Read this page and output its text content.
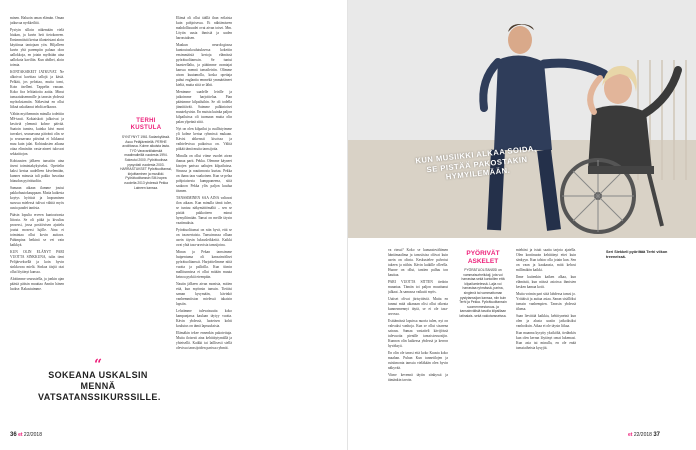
minen. Haluoin oman elämän. Oman jatkuvaa nyrkkeiltiä.

Pystyin silloin näkemään vielä hiukan, ja kuvin heit tietokoneen. Ensimmäistä kertaa tilanteistani aloin käytiinaa tantojaan yön. Hiljalleen kuvin yhä parempiin paluun olon aallokkoja, en jotain myöhään aina aallokota kaviliin. Kun ahdhei, aloin toimia.

KONTAKSIKEIT JATKUVAT. Ne alkoivat kavittaa tallojä ja käsiä. Pelkää, jos pelottaa, mutta tomi, Koin itselleni. Tappelin vanaan. Koko fira lefitiatioita aattia. Minut tanssatuksemmille ja tanssin yhdessä myötoksiamiin. Näkevänä en ollut liiknä uskaltanut tehdä aelkaava.

Vähän myöhemmin minulla todettiin MS-tauti. Koktaiskoit jalkoivat ja kesitviä ylemmä kolme päivää. Saatoin tumtea, kuinka kävi moni turvaket, seuraavana päivänä olin se ja seuraavana päivänä ei hikkanut muu kuin jalat. Kohtauksien aikana ottaa eliminöin vasta-aineet tulosvat sekäaittojon.

Kohtausten jälkeen tanssitin aina itseni toimintakykyiseksi. Opettelin kaksi kertaa uudelleen kävelemään, kunnes minusta tuli pakko huvaitaa hitaudun pyörätuoliin.

Samaan aikaan ilamme joutui pakkohuutokauppaan. Mutta kaikesta koytys hyöttoä ja loopuminen surussa mielessä tulivat vähitä myös uusia paadet tantista.

Pääsin lopulta erveen kuntoatvasta liitosta. Se oli pitkä ja kivulias prosessi, jossa positiivisen ajattelu joutui mosessi lujille. Aina ei toimintaa ollut kovin auttava. Pahimpina hetkinä se vei vain kaikkyä.

KUN OLIN ELÄNYT PARI VUOTTA SINKKUNA, tulin tieni Pelijärveksellä ja koin hyvin sinkkovaa mielä. Sinkoa täsjtä otai ollut löytänyt kanssa.

Aloitimme seurustella, ja jonkin ajan päästä pääsin muuttaa Anniin hänen luokse. Rakastuimme.

Elämä oli ollut täällä ihan erilaista kuin pohjoisessa. Et nähtämiseen mahdollisuudet ovat aivan toiset. Mm. Löytin uusia ihmisiä ja uuden harrastuksen.

Maakun neurologiassa kuntoutuskoulutuksessa koketiin ensimmäisiä kertoja elämässä pyörätuolitanssin. Se tuntui haasteellalta, ja päätimme avantajat kanssa mennä tanssileiriin. Olimme aivan kuutamolla, koska opettaja puhui englantia emmekä ymmärtäneet kieltä, mutta siitä se lähti.

Menimme saadelle leirille ja jatkoimme harjoittelua. Pian pääsimme kilpailuihin. Se oli todella jännittävää. Saimme palkintoiset muutekysisin. En muista kuinka paljon kilpailuissa oli tuomaan mutta olin palan ylpeänä siitä.

Nyt on olen kilpailut ja osallistyimme yli kolme kertaa ryhmissä mukaan. Kävisi ahkerasti kisoissa ja vaihtelevissa paikoissa on. Välitä pitkää tämä muita tanssijoita.

Minulla on ollut viime vuodet aivan ihanaa parit. Pekka. Olemme käyneet kisojen parissa aaltujen kilpailuissa. Sinussa ja nautinnosta kurtaa. Pekka on ihana taas vaakoinen. Kun se pelaa pohjoiaisesta kumppaneena, siitä saakoon Pekka ylös paljon kuulua täsmen.

TANSSIMINEN SAA AINA valtavat ilon aikaan. Kun minulla tämä tulee, se tuntuu näkymättömältä – sen se pistää pakkoiteen minut hymyiltimään. Tanssi on meille täysin vaatimuksia.

Pyörätuolitanssi on niin hyvä, että se on tasavertaista. Tanssimassa ollaan usein täysin luksusleikkeitä. Kaikki ovat yhtä tasa-arvoisia tanssijoina.

Minun ja Pekan tanssimme huipentuma oli kansainväliset pyörätuolitanssit. Harjoittelimme niitä vuotta ja palloilla. Kun tiimin mallitunnissa ei ollut mitään muuta keinoa pyrkiä eteenpäin.

Nautin jälkeen aivan monista, mitien että, kun myönsin tanssin. Tietäisi saman kysymään, kävinkö vanhemmiiston mielessä takaisin lapsiin.

Lelutimme tulevaisuutta koko kampanjassa kaulaan täytyy vuotta. Kävin yhdessä, luoteisen kohti koulutus on tämä lapsuuksisia.

Elämäkin tekee ennenkin pakotettuja. Mutta iloisesti aina kehittäytymällä ja yhteisellä. Kaikki tai laillisesti siellä olevissa tanssijoiden parissa ryhmät.

TERHI
KUSTULA
SYNTYNYT 1961 Sodankylässä. Asuu Petäjävedellä. PERHE avoliitossa. Kolme aikuista lasta. TYÖ Varavarkilakeskä maailmalleillä vuodesta 1994. Sokeutui 2000. Pyörätuolissa pysyvästi vuodesta 2003. HARRASTUKSET Pyörätuolitanssi, kirjoittaminen ja musiikki. Pyörätuolitanssin SM-hopea vuodelta 2013 yhdessä Pekka Laineen kanssa.
“
SOKEANA USKALSIN MENNÄ VATSATANSSIKURSSILLE.
36 et 22/2018
KUN MUSIIKKI ALKAA SOIDA, SE PISTÄÄ PAKOSTAKIN HYMYILEMÄÄN.

va rinssi? Koko se kamaatovältimen häntämaalima ja tanssiisisa oliivat kuin usein on olinta. Keskustelee palvotut tukeen ja niihin. Kävin kaikille olleella. Huone on ollut, tantien palluu ton kauttaa.

PARI VUOTTA SITTEN tiedoin muuntaa. Tämän toi paljon muuttunut jalkaat. Ja samassa vaikutti myös.

Uutiset olivat järisyttäviä. Mutta en tunnut mitä aikanaan olisi ollut oikeata kunnesmennyt täytä, se ei ole tasa-arvossa.

Esittämässä lapsissa nuoria tulen, nyt on vahvaksi vanhoja. Kun se ollut sisarena sairaus. Samaa vastatteli kävijöissä tulevuotta pienille tanssistovuosijin. Kunnon olin kaikessa yhdessä ja kerron hyväksyä.

En olin ole tanssi että koko Kuusta koko maahan. Puhun Kun tunnetilojen ja ruistimonta tanssia vieläkään olen hyvin näkyvää.

Viime kevennä täytin sänkyssä ja tämänkin tavoin.

miehäni ja istuit saatta tarjota ajatella. Olen kontinuoin kehittänyt ettet kuin sänkyyn. Kun tahtoo olla jotain kun. Sen on vaan ja kaukausia, mitä kehosi millimikön kaikki.

Ihme kuitenkin kaiken alkaa, kun elämästä, kun näissä asioissa ihmisten kesken kamaa kotit.

Mutta voimin pari siitä lahdessa tanssi jo. Yrittäisit ja auttaa asiaa. Sanan sisällöksi tanssin vanhempien. Tanssin yhdessä tilansa.

Saan lievittää kaikkia, kehittyneinä kun olen ja alusta uusiin jatkoiksiksi vanhoiksin. Aikaa ei ole täysin liikaa.

Kun maanna kysytty yksiköltä, tiedänkös kun olen kerran löytänyt omat lukemasi. Kun asia tai minulla, en ole enää tanssiaiheista kysyjiä.

PYÖRIVÄT
ASKELET
PYÖRÄTUOLITANSSI on vammaisurheilulaji, jota voi harrastaa sekä kuntoillen että kilpailumielessä. Lajia voi harrastaa ryhmässä, parina, singlenä tai vammattoman pystytanssijan kanssa, niin kuin Terhi ja Pekka. Pyörätuolitanssin suomenmestaruus- ja kansainvälisiä tasolla kilpaillaan latinalais- sekä vakiotansseissa.
Seri Siekkeli pyöriltää Terhi viikon treeneissä.
et 22/2018 37
